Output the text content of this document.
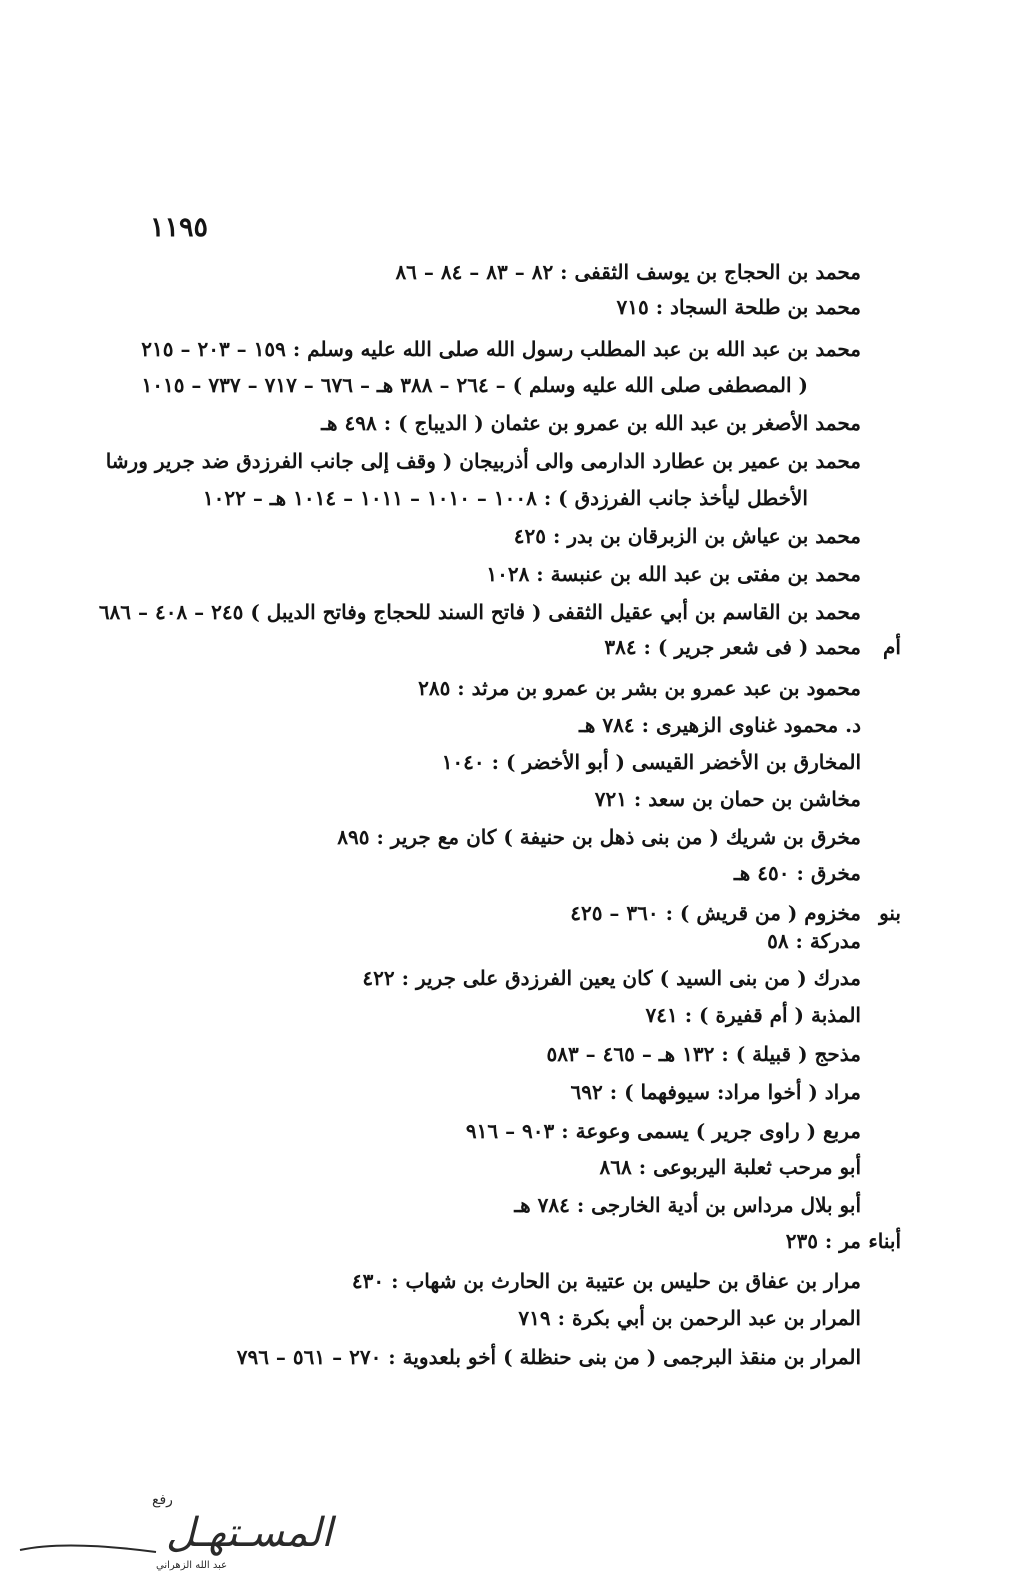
١١٩٥
محمد بن الحجاج بن يوسف الثقفى : ٨٢ – ٨٣ – ٨٤ – ٨٦
محمد بن طلحة السجاد : ٧١٥
محمد بن عبد الله بن عبد المطلب رسول الله صلى الله عليه وسلم : ١٥٩ – ٢٠٣ – ٢١٥
( المصطفى صلى الله عليه وسلم ) – ٢٦٤ – ٣٨٨ هـ – ٦٧٦ – ٧١٧ – ٧٣٧ – ١٠١٥
محمد الأصغر بن عبد الله بن عمرو بن عثمان ( الديباج ) : ٤٩٨ هـ
محمد بن عمير بن عطارد الدارمى والى أذربيجان ( وقف إلى جانب الفرزدق ضد جرير ورشا
الأخطل ليأخذ جانب الفرزدق ) : ١٠٠٨ – ١٠١٠ – ١٠١١ – ١٠١٤ هـ – ١٠٢٢
محمد بن عياش بن الزبرقان بن بدر : ٤٢٥
محمد بن مفتى بن عبد الله بن عنبسة : ١٠٢٨
محمد بن القاسم بن أبي عقيل الثقفى ( فاتح السند للحجاج وفاتح الديبل ) ٢٤٥ – ٤٠٨ – ٦٨٦
أم
محمد ( فى شعر جرير ) : ٣٨٤
محمود بن عبد عمرو بن بشر بن عمرو بن مرثد : ٢٨٥
د. محمود غناوى الزهيرى : ٧٨٤ هـ
المخارق بن الأخضر القيسى ( أبو الأخضر ) : ١٠٤٠
مخاشن بن حمان بن سعد : ٧٢١
مخرق بن شريك ( من بنى ذهل بن حنيفة ) كان مع جرير : ٨٩٥
مخرق : ٤٥٠ هـ
بنو
مخزوم ( من قريش ) : ٣٦٠ – ٤٢٥
مدركة : ٥٨
مدرك ( من بنى السيد ) كان يعين الفرزدق على جرير : ٤٢٢
المذبة ( أم قفيرة ) : ٧٤١
مذحج ( قبيلة ) : ١٣٢ هـ – ٤٦٥ – ٥٨٣
مراد ( أخوا مراد: سيوفهما ) : ٦٩٢
مربع ( راوى جرير ) يسمى وعوعة : ٩٠٣ – ٩١٦
أبو مرحب ثعلبة اليربوعى : ٨٦٨
أبو بلال مرداس بن أدية الخارجى : ٧٨٤ هـ
أبناء
مر : ٢٣٥
مرار بن عفاق بن حليس بن عتيبة بن الحارث بن شهاب : ٤٣٠
المرار بن عبد الرحمن بن أبي بكرة : ٧١٩
المرار بن منقذ البرجمى ( من بنى حنظلة ) أخو بلعدوية : ٢٧٠ – ٥٦١ – ٧٩٦
رفع
المسـتهـل
عبد الله الزهراني
